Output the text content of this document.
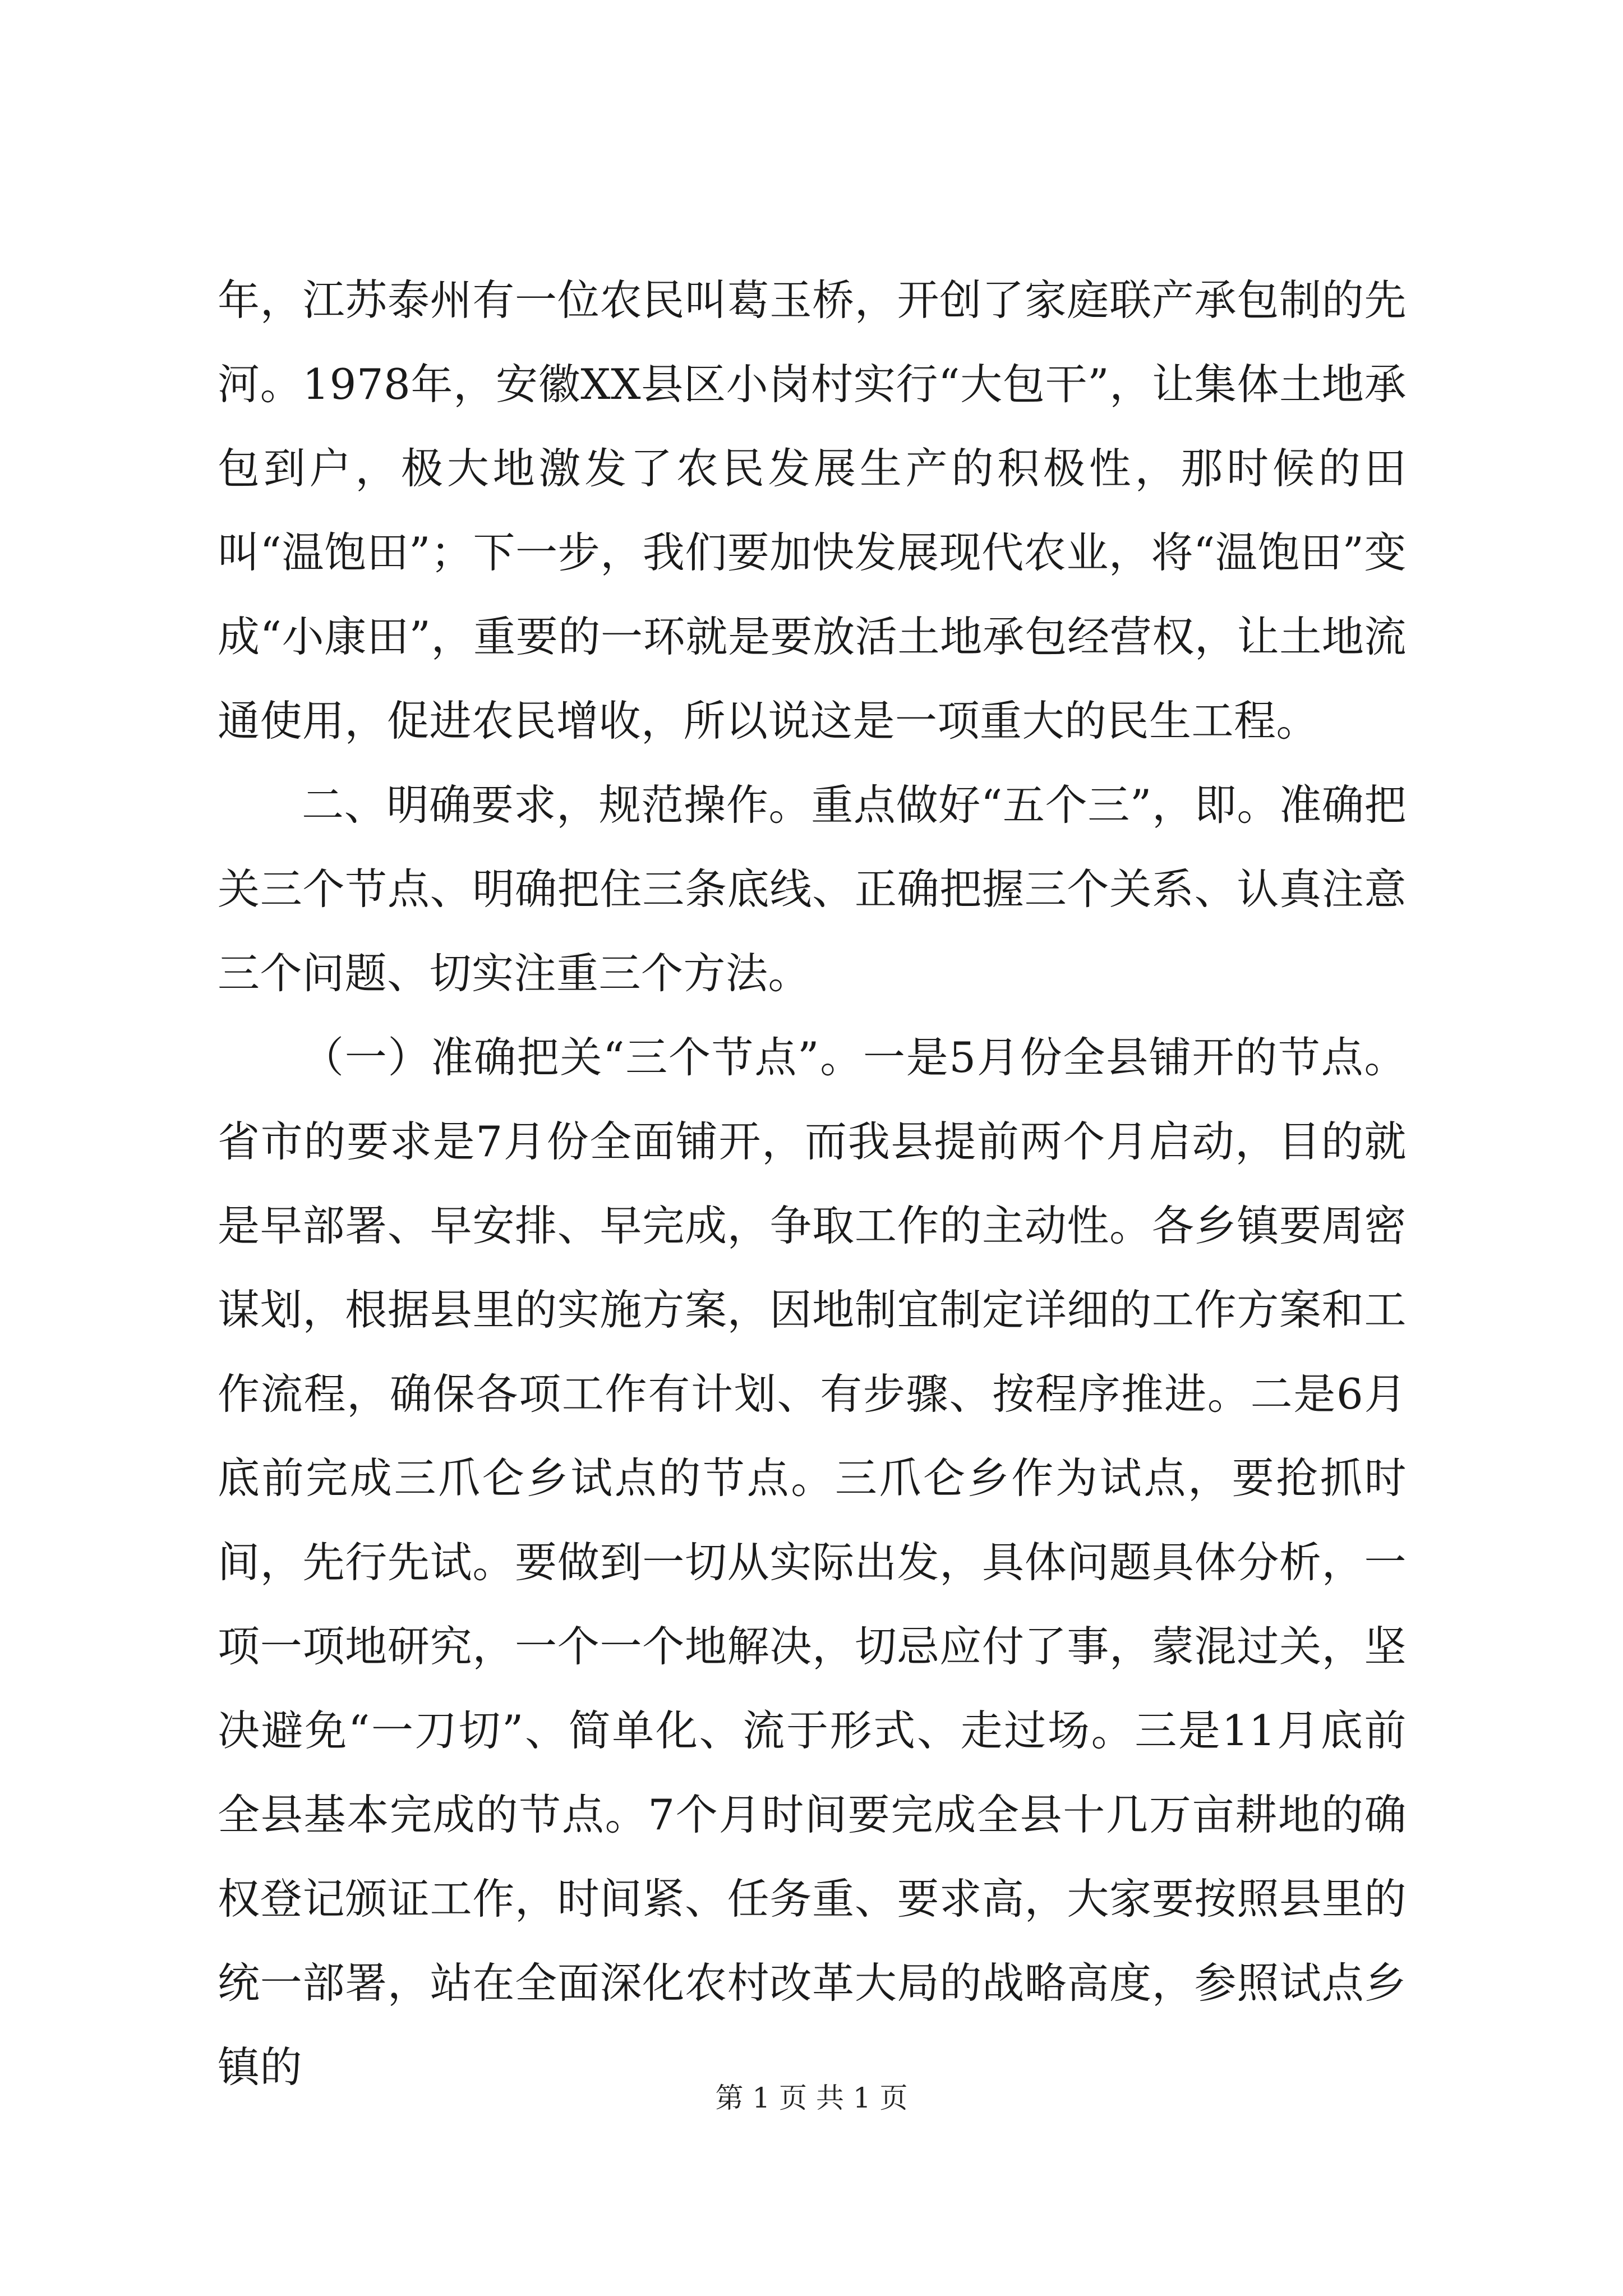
年，江苏泰州有一位农民叫葛玉桥，开创了家庭联产承包制的先河。1978年，安徽XX县区小岗村实行“大包干”，让集体土地承包到户，极大地激发了农民发展生产的积极性，那时候的田叫“温饱田”；下一步，我们要加快发展现代农业，将“温饱田”变成“小康田”，重要的一环就是要放活土地承包经营权，让土地流通使用，促进农民增收，所以说这是一项重大的民生工程。

二、明确要求，规范操作。重点做好“五个三”，即。准确把关三个节点、明确把住三条底线、正确把握三个关系、认真注意三个问题、切实注重三个方法。

（一）准确把关“三个节点”。一是5月份全县铺开的节点。省市的要求是7月份全面铺开，而我县提前两个月启动，目的就是早部署、早安排、早完成，争取工作的主动性。各乡镇要周密谋划，根据县里的实施方案，因地制宜制定详细的工作方案和工作流程，确保各项工作有计划、有步骤、按程序推进。二是6月底前完成三爪仑乡试点的节点。三爪仑乡作为试点，要抢抓时间，先行先试。要做到一切从实际出发，具体问题具体分析，一项一项地研究，一个一个地解决，切忌应付了事，蒙混过关，坚决避免“一刀切”、简单化、流于形式、走过场。三是11月底前全县基本完成的节点。7个月时间要完成全县十几万亩耕地的确权登记颁证工作，时间紧、任务重、要求高，大家要按照县里的统一部署，站在全面深化农村改革大局的战略高度，参照试点乡镇的

第 1 页 共 1 页
